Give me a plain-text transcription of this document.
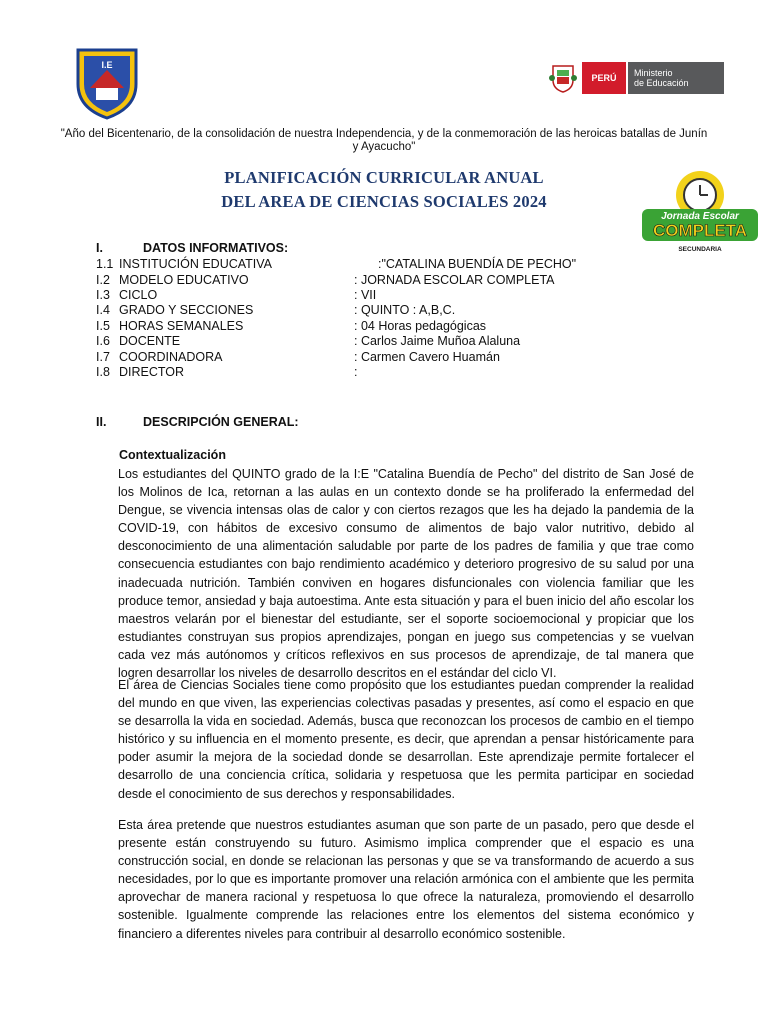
I.E
PERÚ	Ministerio
de Educación
"Año del Bicentenario, de la consolidación de nuestra Independencia, y de la conmemoración de las heroicas batallas de Junín y Ayacucho"
PLANIFICACIÓN CURRICULAR ANUAL
DEL AREA DE CIENCIAS SOCIALES 2024
Jornada Escolar
COMPLETA
SECUNDARIA
I.	DATOS INFORMATIVOS:
1.1 INSTITUCIÓN EDUCATIVA	:"CATALINA BUENDÍA DE PECHO"
I.2 MODELO EDUCATIVO	: JORNADA ESCOLAR COMPLETA
I.3 CICLO	: VII
I.4 GRADO Y SECCIONES	: QUINTO : A,B,C.
I.5 HORAS SEMANALES	: 04 Horas pedagógicas
I.6 DOCENTE	: Carlos Jaime Muñoa Alaluna
I.7 COORDINADORA	: Carmen Cavero Huamán
I.8 DIRECTOR	:
II.	DESCRIPCIÓN GENERAL:
Contextualización

Los estudiantes del QUINTO grado de la I:E "Catalina Buendía de Pecho" del distrito de San José de los Molinos de Ica, retornan a las aulas en un contexto donde se ha proliferado la enfermedad del Dengue, se vivencia intensas olas de calor y con ciertos rezagos que les ha dejado la pandemia de la COVID-19, con hábitos de excesivo consumo de alimentos de bajo valor nutritivo, debido al desconocimiento de una alimentación saludable por parte de los padres de familia y que trae como consecuencia estudiantes con bajo rendimiento académico y deterioro progresivo de su salud por una inadecuada nutrición. También conviven en hogares disfuncionales con violencia familiar que les produce temor, ansiedad y baja autoestima. Ante esta situación y para el buen inicio del año escolar los maestros velarán por el bienestar del estudiante, ser el soporte socioemocional y propiciar que los estudiantes construyan sus propios aprendizajes, pongan en juego sus competencias y se vuelvan cada vez más autónomos y críticos reflexivos en sus procesos de aprendizaje, de tal manera que logren desarrollar los niveles de desarrollo descritos en el estándar del ciclo VI.

El área de Ciencias Sociales tiene como propósito que los estudiantes puedan comprender la realidad del mundo en que viven, las experiencias colectivas pasadas y presentes, así como el espacio en que se desarrolla la vida en sociedad. Además, busca que reconozcan los procesos de cambio en el tiempo histórico y su influencia en el momento presente, es decir, que aprendan a pensar históricamente para poder asumir la mejora de la sociedad donde se desarrollan. Este aprendizaje permite fortalecer el desarrollo de una conciencia crítica, solidaria y respetuosa que les permita participar en sociedad desde el conocimiento de sus derechos y responsabilidades.

Esta área pretende que nuestros estudiantes asuman que son parte de un pasado, pero que desde el presente están construyendo su futuro. Asimismo implica comprender que el espacio es una construcción social, en donde se relacionan las personas y que se va transformando de acuerdo a sus necesidades, por lo que es importante promover una relación armónica con el ambiente que les permita aprovechar de manera racional y respetuosa lo que ofrece la naturaleza, promoviendo el desarrollo sostenible. Igualmente comprende las relaciones entre los elementos del sistema económico y financiero a diferentes niveles para contribuir al desarrollo económico sostenible.
